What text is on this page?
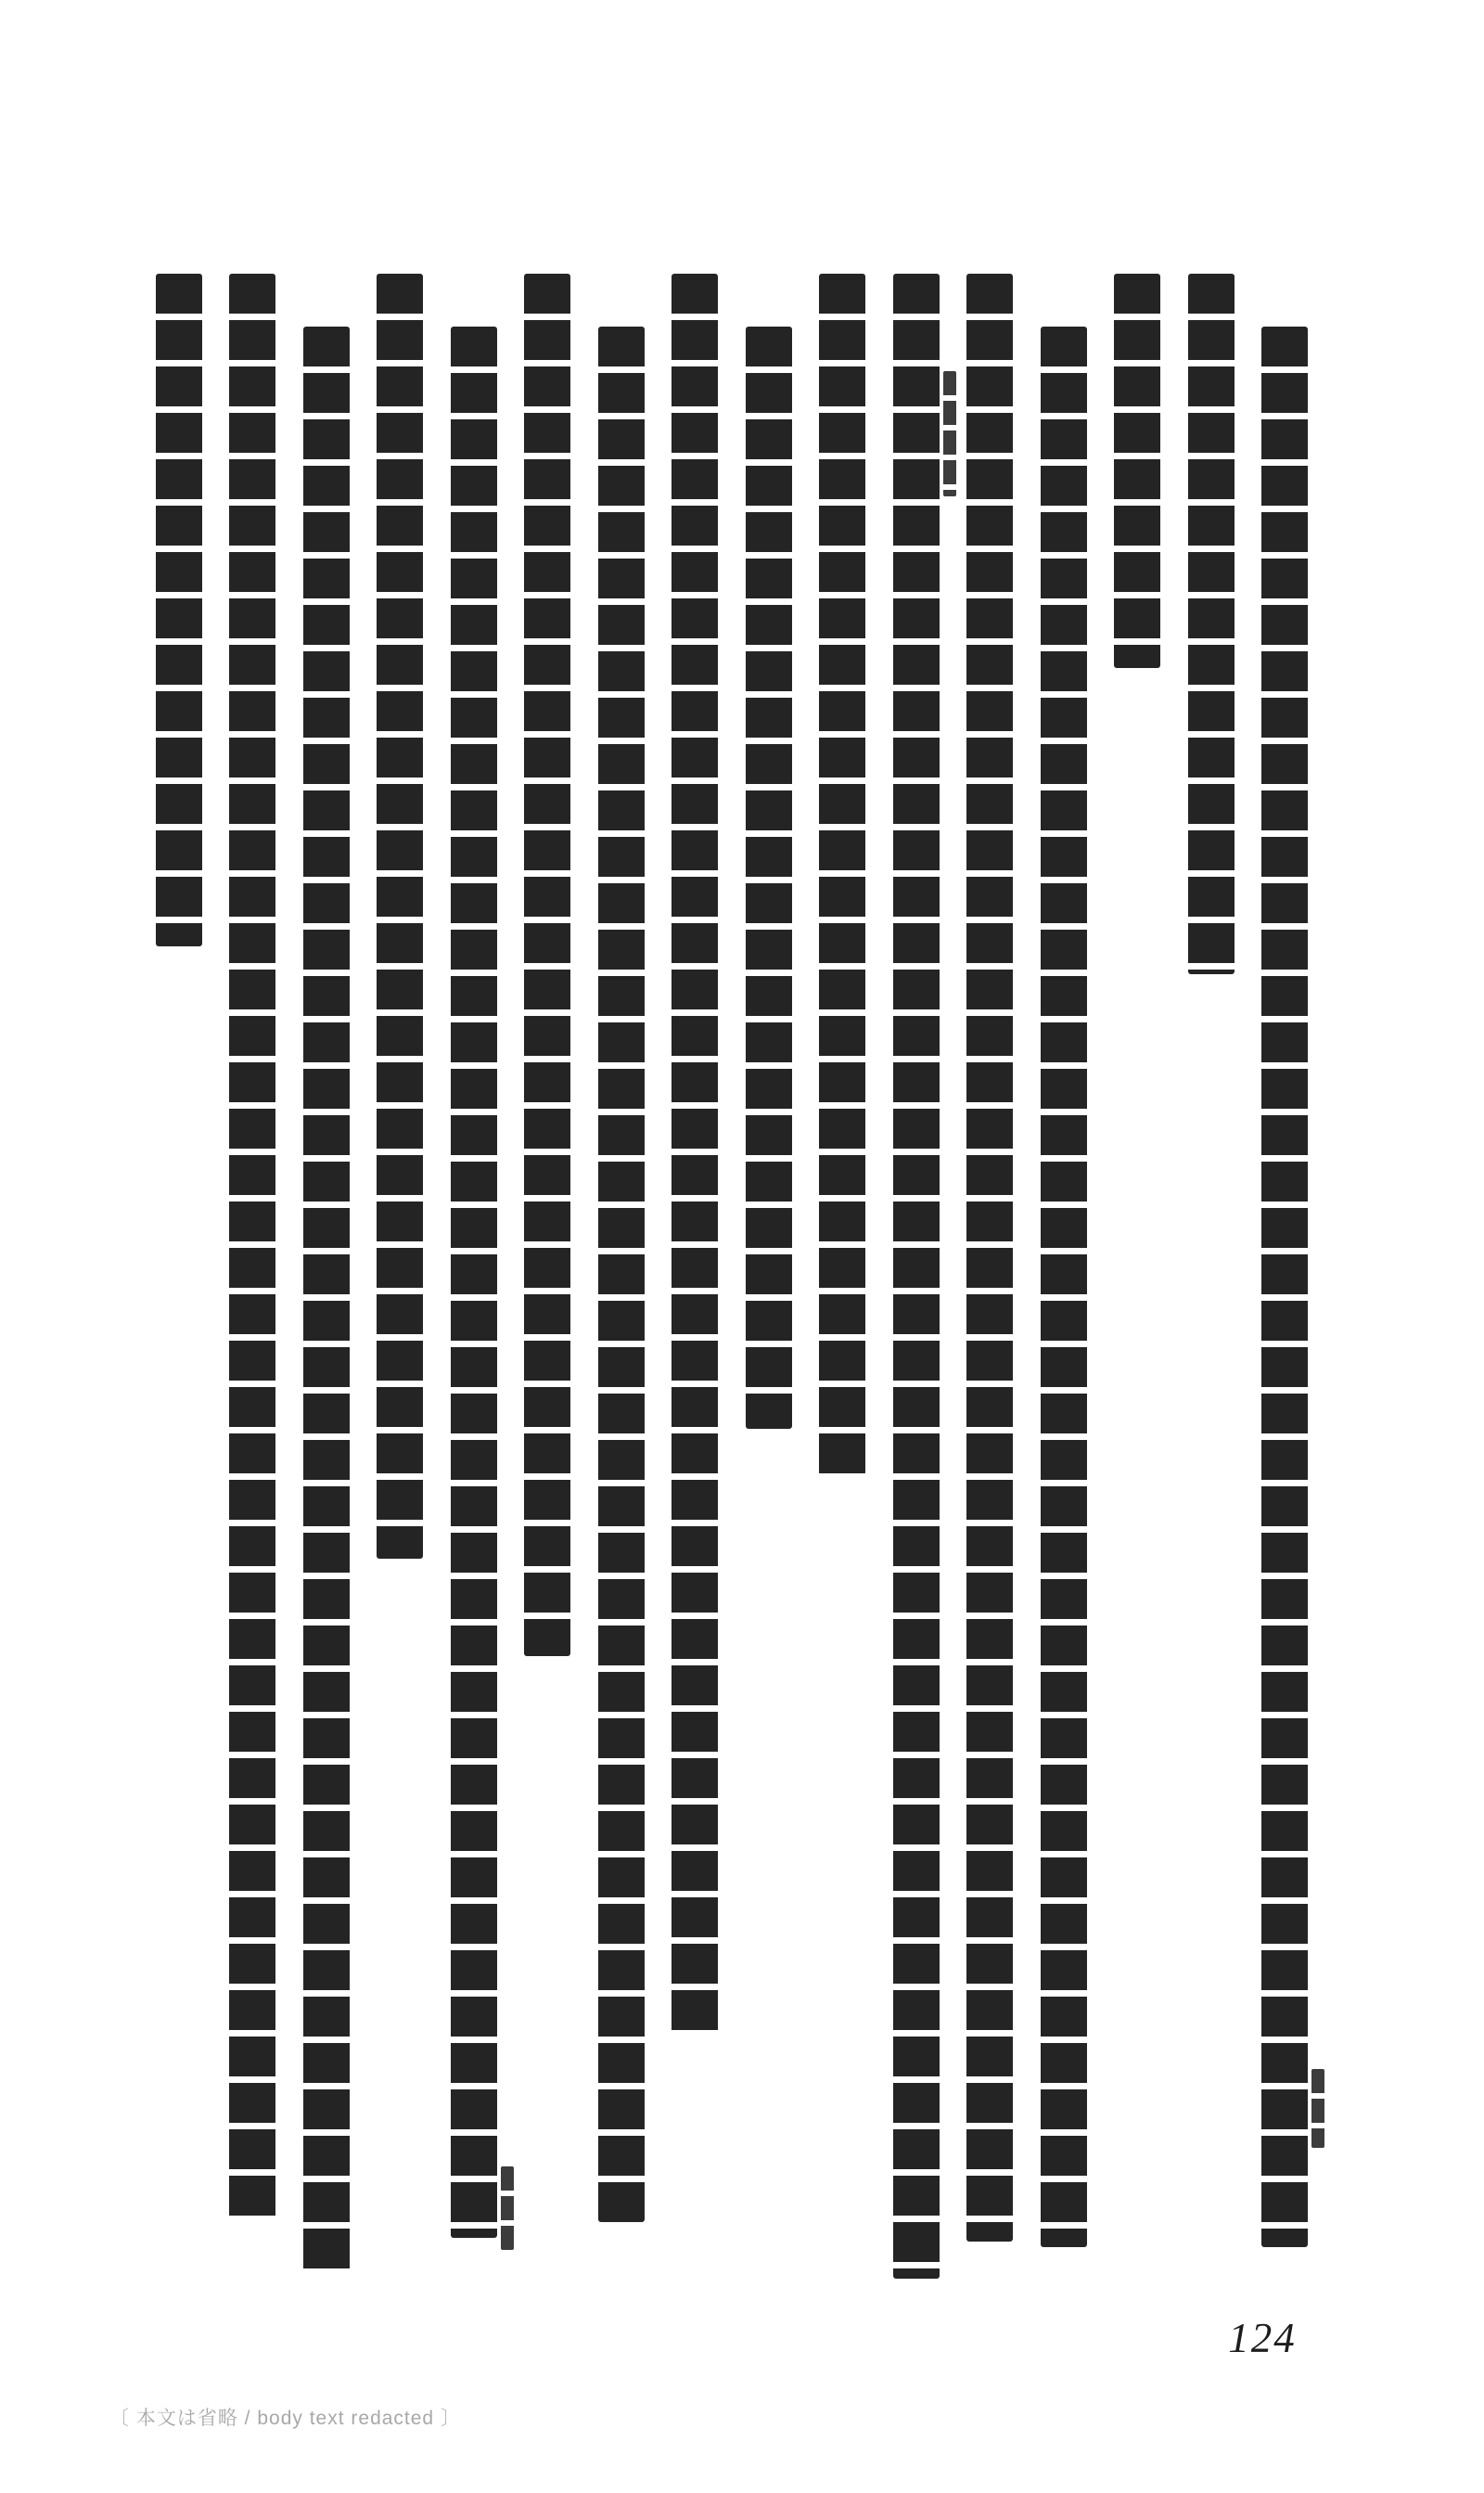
124
〔 本文は省略 / body text redacted 〕
